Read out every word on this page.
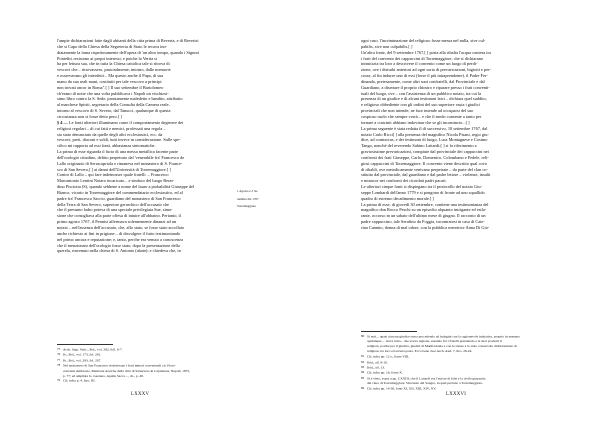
l'ampie dichiarazioni fatte dagli abitanti della citta prima di Reveria, e di Reverisi

che si Capo della Chiesa della Segreteria di Stato le recava ino-

diatamente la fama rispettosamente dell'opera di 'un altro tempo, quando i Signori

Ponteﬁci resistono ai propri interessi, e poiche la Verita si

ha per lettura sua, che in tutta la Chiesa cattolica tale si ritrova di

vescovi che... ritrovassero, pastoralmente, intorno, dalle memorie

e osservavano gli interdetti... Ma questo anche il Papa, di sua

mano da sua reali mani, costituiti per tale vescovo a principi

non trovati ancor in Roma".[ ] Il suo settembre il Bartolomeo

ch'erano di notte che una volta pubblicava i Napoli un vischiosi-

simo libro contro la S. Sede, prontamente maledetto e bandito, attribuito

al marchese Spiriti, segretario della Consulta della Camera reale,

intorno al vescovo di S. Severo, dal Tanucci, qualunque di questa

circostanza non si fosse detto pero.[ ]

§ 4 — Le fonti ulteriori illuminano come il comportamento degenere dei

religiosi regolari – di cui fatti e nemici, professati una regola –

sia stato denunciato da quelle degli altri ecclesiastici, ecc. da

vescovi, preti, diaconi e soldi, tutti invece in considerazione. Sulle spe-

ciﬁco mi rapporta ad essi fonti, abbastanza sintomatiche.

La prima di esse riguarda il furto di una messa metallica facente parte

dell'orologio cittadino, delitto perpetrato dal 'venerabile fra' Francesco de

Lallo originario di Serracapriola e rimaneva nel monastero di S. France-

sco di San Severo,[ ] ai danni dell'Università di Torremaggiore.[ ]

Contro di Lallo – qui fare indetnosser quale fratelli ... Francesco

Marcantonio Lentini Notaro incaricato... e sindaco del luogo Berar-

dino Pisciotta (S), quando sebbene a nome del lauro a probabilità Giuseppe del

Bianco, vicario in Torremaggiore del commendatario ecclesiastico, ed al

padre fra' Francesco Saccio, guardiano del monastero di San Francesco

della Terra di San Severo, superiore gerarchico dell'accusato che

che il presunto ladro poteva di una speciale privilegiata Sue, sima-

sione che consigliava alla parte offesa di intuire all'abbaino. Pertanto, il

primo agosto 1767, il Pennisi affermava solennemente dinanzi ad un

notaio – nell'assenza dell'accusato, che, allo stato, se fosse stato accollato

anche richiesto ai fini in prigione – di disvolgere il furto testimoniando

nel primo ancora e reputazione; e, tanto, perche era venuto a conoscenza

che il menzionato dell'orologio fosse stato, dopo la presentazione della

querela, rinvenuto nella chiesa di S. Antonio (abate); e chiedeva che, in

1 Agosto e 2 Se-

ttembre del 1767

Torremaggiore

75 Arch. Segr. Vatic., Bol., vol. 282, foll. 6-7.

76 Ib., Bol., vol. 173, fol. 291.

77 Ib., Bol., vol. 293, fol. 207.

78 Nel monastero di San Francesco risiedevano i frati minori conventuali ch. Fioro-

conventi Ambrosio, Memorie storiche della città di Sansevero in Capitanata, Napoli, 1875,

p. 77; ed ampliata G. Gaetano, Apulia Sacra ..., cit., p. 40.

79 Cfr. infra p. 4, fasc. III.

LXXXV

ogni caso, l'incriminazione del religioso fosse messa nel nulla, sive cul-

pabilis, sive non culpabilis.[ ]

Un'altra fonte, del 9 settembre 1767,[ ] porta alla ribalta l'acqua contesa tra

i frati del convento dei cappuccini di Torremaggiore, che si dichiarano

inimicizia tra loro a descrivere il convento come un luogo di perdi-

zione, ove i disturbi anteriori ad ogni sorta di prevaricazioni, bigiotti e per-

cosse, al fin indurre uno di essi (forse il più intraprendente), il Padre Fer-

dinando, pretesamente, come altri suoi confratelli, dal Provinciale e dal

Guardiano, a disertare il proprio chiostro e riparare presso i frati conventi-

tuali del luogo, ove – con l'assistenza di un pubblico notaio, tra cui la

presenza di un giudice e di alcuni testimoni laici – dichiara quel suddito,

e religioso obbediente con gli ordini del suo superiore ossia i giudici

provinciali che non intende, ne fuor intende ad occuparsi del suo

cospicuo ruolo che sempre vorrà... e che il modo consente a tanto per

tornare a costrinti abbiano indovinar che se gli incomincio...[ ]

La prima seguente è stata redatta il di successivo, 10 settembre 1767, dal

notaio Carlo Ricci[ ] alla presenza del magniﬁco Nicola Pisani, regio giu-

dice, ad contractus, e dei testimoni di luogo, Luca Montagnese e Cosimo

Tango, nonché del reverendo Sabino Lattardi;[ ] si fa riferimento a

graviosissime prevaricazioni, compiute dal provinciale dei cappuccini nei

confronti dei frati Giuseppe, Carlo, Domenico, Colombano e Fedele, reli-

giosi cappuccini di Torremaggiore. Il convento viene descritto qual covo

di ribaldi, ove metodicamente venivano perpetrate – da parte del clan co-

stituito dal provinciale, dal guardiano e dal padre lettore – violenze, insulti

e minacce nei confronti dei ricordati padri pacati.

Le ulteriori cinque fonti si dispiegano tra il protocollo del notaio Giu-

seppe Lombardi dell'anno 1779 e si pongono di fronte ad uno squallido

quadro di estremo decadimento morale.[ ]

La prima di esse, di giovedì 30 settembre, contiene una testimonianza del

magniﬁco don Rocco Peschi su un episodio alquanto intrigante ed esila-

rante, occorso in un sabato dell'ultimo mese di giugno. Il racconto di un

padre cappuccino, tale Serafino da Foggia, incontratosi in casa di Cate-

rina Cannito, donna di mal odore, con la pubblica meretrice Anna Di Gio-

80 Si noti... quasi ciascun giudice stava procedendo ad indagini con la ragionevole iniziativa, proprio in nessuno

qualunque ... stava tutto... che aveva ragione, essendo fra i fratelli prendendo e le suoi prodotti il

religiosi, poiche per il giudice, giudici di Manfredonia e con le stesse a lo stato conservato dichiarazione di

religioso tra loro ed ad una posta. Ecco bene cioe Arch. Aud. 7, Itro. 26-24.

81 Cfr. infra pp. 12 s., fonte VIII.

82 Ibid., all. 9-10.

83 Ibid., all. 13.

84 Cfr. infra pp. 16, fonte X.

85 Si è visto, sopra a pp. CXXIII, che il Lattardi era l'autore di falsi e la civile guarantia

del clero di Torremaggiore. Vincenzo del Sangro, in quel periodo a Torremaggiore.

86 Cfr. infra pp. 14-30, fonti XI, XII, XIII, XIV, XV.

LXXXVI
